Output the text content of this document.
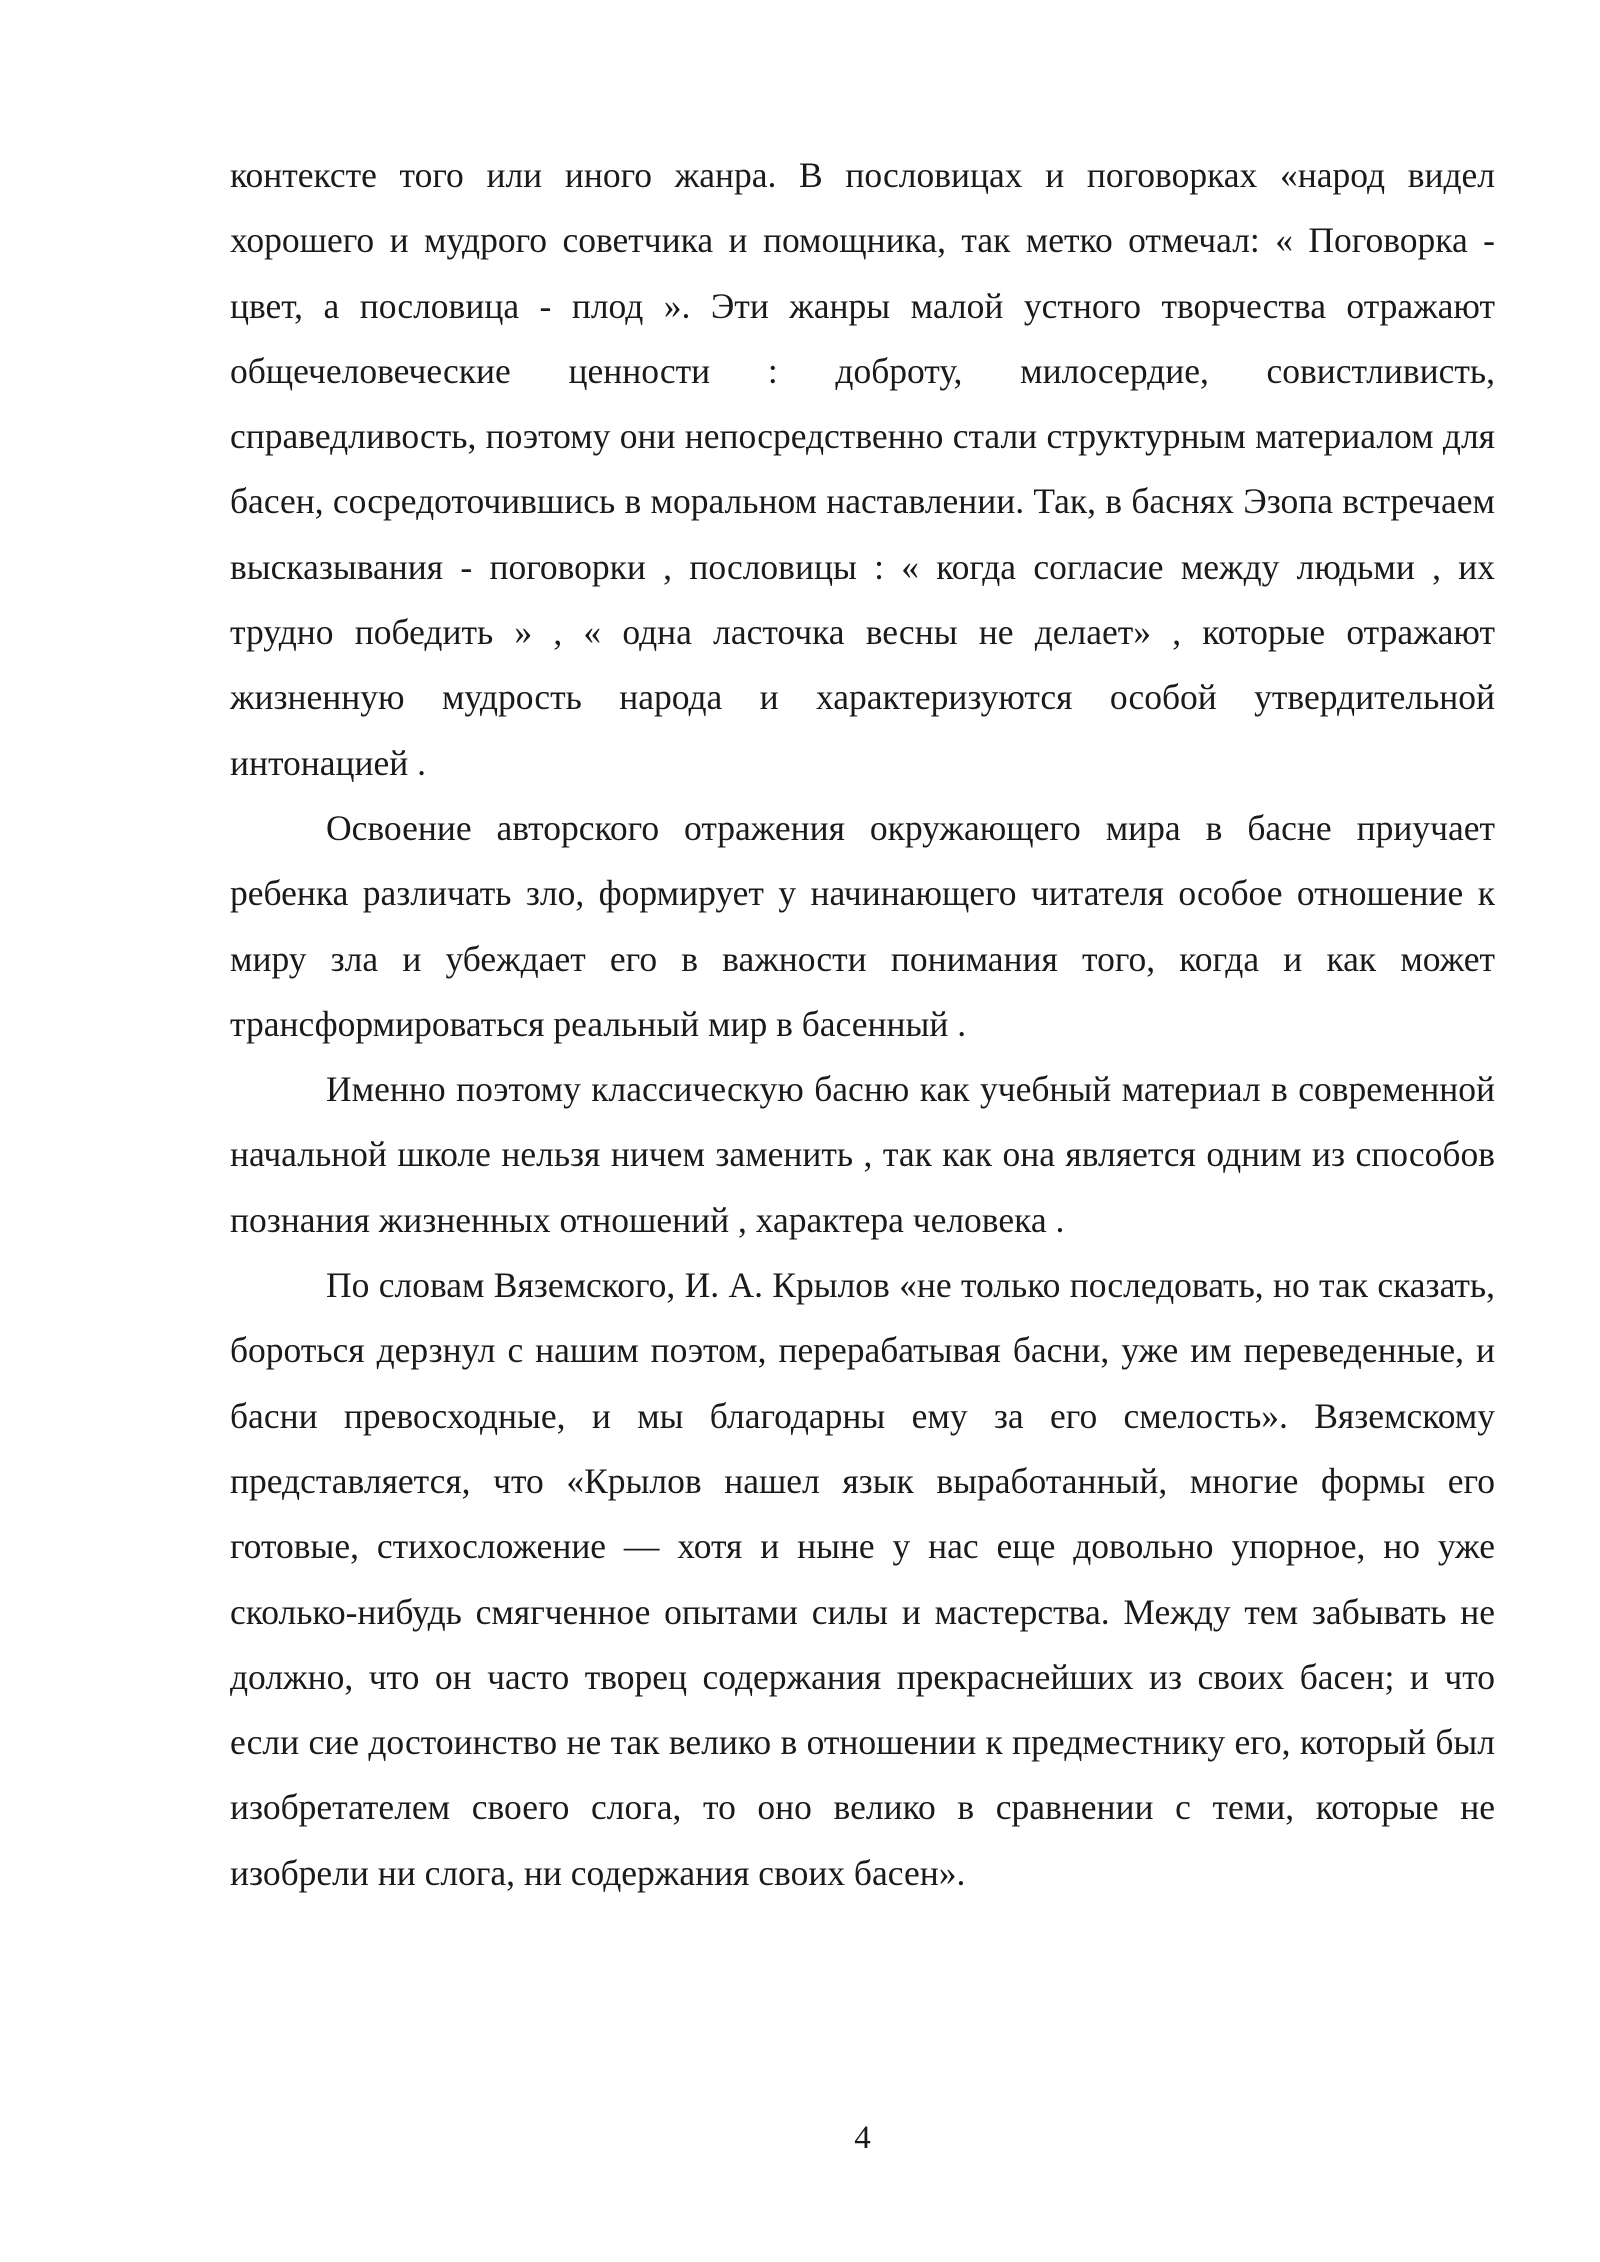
контексте того или иного жанра. В пословицах и поговорках «народ видел хорошего и мудрого советчика и помощника, так метко отмечал: « Поговорка - цвет, а пословица - плод ». Эти жанры малой устного творчества отражают общечеловеческие ценности : доброту, милосердие, совистливисть, справедливость, поэтому они непосредственно стали структурным материалом для басен, сосредоточившись в моральном наставлении. Так, в баснях Эзопа встречаем высказывания - поговорки , пословицы : « когда согласие между людьми , их трудно победить » , « одна ласточка весны не делает» , которые отражают жизненную мудрость народа и характеризуются особой утвердительной интонацией .

Освоение авторского отражения окружающего мира в басне приучает ребенка различать зло, формирует у начинающего читателя особое отношение к миру зла и убеждает его в важности понимания того, когда и как может трансформироваться реальный мир в басенный .

Именно поэтому классическую басню как учебный материал в современной начальной школе нельзя ничем заменить , так как она является одним из способов познания жизненных отношений , характера человека .

По словам Вяземского, И. А. Крылов «не только последовать, но так сказать, бороться дерзнул с нашим поэтом, перерабатывая басни, уже им переведенные, и басни превосходные, и мы благодарны ему за его смелость». Вяземскому представляется, что «Крылов нашел язык выработанный, многие формы его готовые, стихосложение — хотя и ныне у нас еще довольно упорное, но уже сколько-нибудь смягченное опытами силы и мастерства. Между тем забывать не должно, что он часто творец содержания прекраснейших из своих басен; и что если сие достоинство не так велико в отношении к предместнику его, который был изобретателем своего слога, то оно велико в сравнении с теми, которые не изобрели ни слога, ни содержания своих басен».

4
